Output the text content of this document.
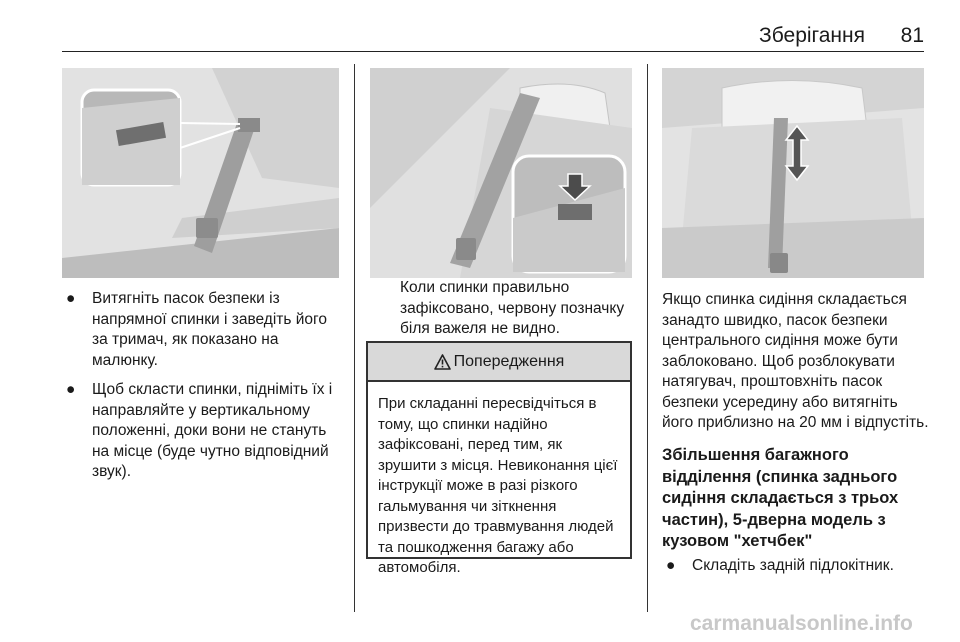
Зберігання	81
● Витягніть пасок безпеки із напрямної спинки і заведіть його за тримач, як показано на малюнку.
● Щоб скласти спинки, підніміть їх і направляйте у вертикальному положенні, доки вони не стануть на місце (буде чутно відповідний звук).
Коли спинки правильно зафіксовано, червону позначку біля важеля не видно.
Попередження
При складанні пересвідчіться в тому, що спинки надійно зафіксовані, перед тим, як зрушити з місця. Невиконання цієї інструкції може в разі різкого гальмування чи зіткнення призвести до травмування людей та пошкодження багажу або автомобіля.
Якщо спинка сидіння складається занадто швидко, пасок безпеки центрального сидіння може бути заблоковано. Щоб розблокувати натягувач, проштовхніть пасок безпеки усередину або витягніть його приблизно на 20 мм і відпустіть.
Збільшення багажного відділення (спинка заднього сидіння складається з трьох частин), 5-дверна модель з кузовом "хетчбек"
● Складіть задній підлокітник.
carmanualsonline.info
